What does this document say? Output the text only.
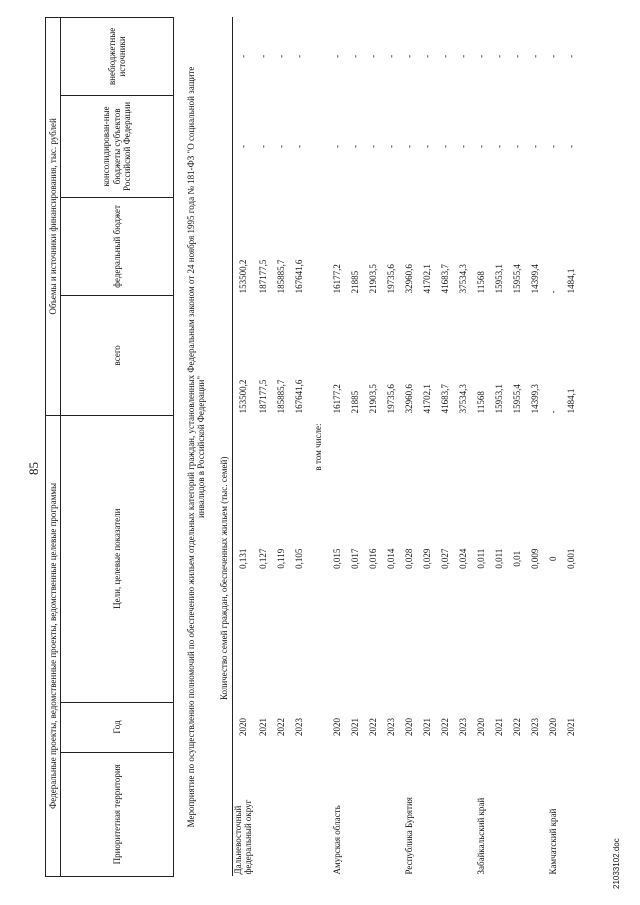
85
Федеральные проекты, ведомственные проекты, ведомственные целевые программы			Объемы и источники финансирования, тыс. рублей			
Приоритетная территория	Год	Цели, целевые показатели	всего	федеральный бюджет	консолидирован-ные бюджеты субъектов Российской Федерации	внебюджетные источники
Мероприятие по осуществлению полномочий по обеспечению жильем отдельных категорий граждан, установленных Федеральным законом от 24 ноября 1995 года № 181-ФЗ "О социальной защите инвалидов в Российской Федерации"						
		Количество семей граждан, обеспеченных жильем (тыс. семей)				
Дальневосточный федеральный округ	2020	0,131	153500,2	153500,2	-	-
	2021	0,127	187177,5	187177,5	-	-
	2022	0,119	185885,7	185885,7	-	-
	2023	0,105	167641,6	167641,6	-	-
в том числе:						
Амурская область	2020	0,015	16177,2	16177,2	-	-
	2021	0,017	21885	21885	-	-
	2022	0,016	21903,5	21903,5	-	-
	2023	0,014	19735,6	19735,6	-	-
Республика Бурятия	2020	0,028	32960,6	32960,6	-	-
	2021	0,029	41702,1	41702,1	-	-
	2022	0,027	41683,7	41683,7	-	-
	2023	0,024	37534,3	37534,3	-	-
Забайкальский край	2020	0,011	11568	11568	-	-
	2021	0,011	15953,1	15953,1	-	-
	2022	0,01	15955,4	15955,4	-	-
	2023	0,009	14399,3	14399,4	-	-
Камчатский край	2020	0	-	-	-	-
	2021	0,001	1484,1	1484,1	-	-
21033102.doc
